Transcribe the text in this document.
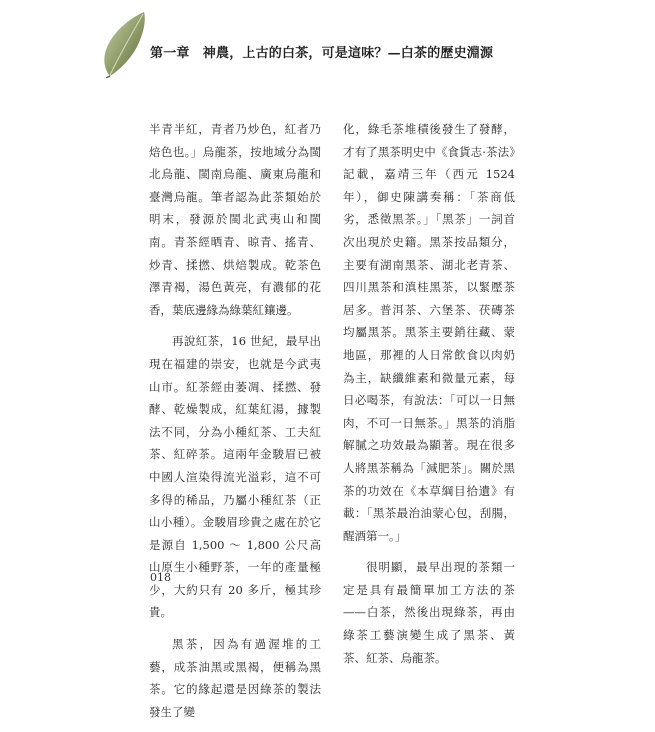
第一章　神農，上古的白茶，可是這味？—白茶的歷史淵源

半青半紅，青者乃炒色，紅者乃焙色也。」烏龍茶，按地域分為閩北烏龍、閩南烏龍、廣東烏龍和臺灣烏龍。筆者認為此茶類始於明末，發源於閩北武夷山和閩南。青茶經晒青、晾青、搖青、炒青、揉撚、烘焙製成。乾茶色澤青褐，湯色黃亮，有濃郁的花香，葉底邊緣為綠葉紅鑲邊。

再說紅茶，16 世紀，最早出現在福建的崇安，也就是今武夷山市。紅茶經由萎凋、揉撚、發酵、乾燥製成，紅葉紅湯，據製法不同，分為小種紅茶、工夫紅茶、紅碎茶。這兩年金駿眉已被中國人渲染得流光溢彩，這不可多得的稀品，乃屬小種紅茶（正山小種）。金駿眉珍貴之處在於它是源自 1,500 ～ 1,800 公尺高山原生小種野茶，一年的產量極少，大約只有 20 多斤，極其珍貴。

黑茶，因為有過渥堆的工藝，成茶油黑或黑褐，便稱為黑茶。它的緣起還是因綠茶的製法發生了變

化，綠毛茶堆積後發生了發酵，才有了黑茶明史中《食貨志·茶法》記載，嘉靖三年（西元 1524 年），御史陳講奏稱：「茶商低劣，悉徵黑茶。」「黑茶」一詞首次出現於史籍。黑茶按品類分，主要有湖南黑茶、湖北老青茶、四川黑茶和滇桂黑茶，以緊壓茶居多。普洱茶、六堡茶、茯磚茶均屬黑茶。黑茶主要銷往藏、蒙地區，那裡的人日常飲食以肉奶為主，缺纖維素和微量元素，每日必喝茶，有說法：「可以一日無肉，不可一日無茶。」黑茶的消脂解膩之功效最為顯著。現在很多人將黑茶稱為「減肥茶」。關於黑茶的功效在《本草綱目拾遺》有載：「黑茶最治油蒙心包，刮腸，醒酒第一。」

很明顯，最早出現的茶類一定是具有最簡單加工方法的茶——白茶，然後出現綠茶，再由綠茶工藝演變生成了黑茶、黃茶、紅茶、烏龍茶。

018
